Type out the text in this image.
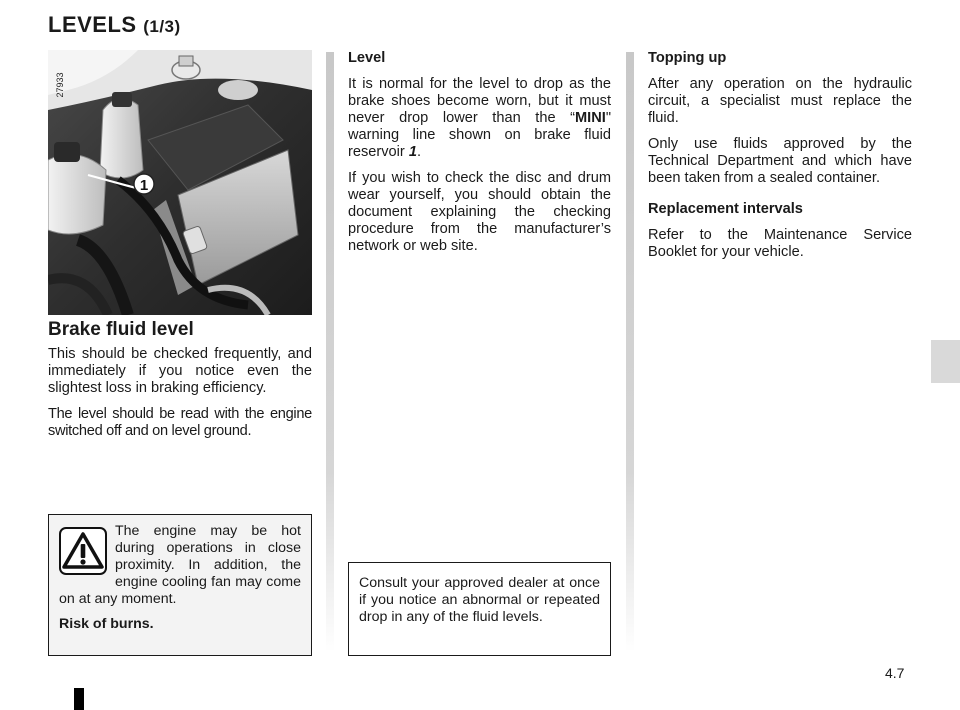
LEVELS (1/3)
1
27933
Brake fluid level

This should be checked frequently, and immediately if you notice even the slightest loss in braking efficiency.

The level should be read with the engine switched off and on level ground.

The engine may be hot during operations in close proximity. In addition, the engine cooling fan may come on at any moment.

Risk of burns.

Level

It is normal for the level to drop as the brake shoes become worn, but it must never drop lower than the “MINI" warning line shown on brake fluid reservoir 1.

If you wish to check the disc and drum wear yourself, you should obtain the document explaining the checking procedure from the manufacturer’s network or web site.

Consult your approved dealer at once if you notice an abnormal or repeated drop in any of the fluid levels.

Topping up

After any operation on the hydraulic circuit, a specialist must replace the fluid.

Only use fluids approved by the Technical Department and which have been taken from a sealed container.

Replacement intervals

Refer to the Maintenance Service Booklet for your vehicle.

4.7
